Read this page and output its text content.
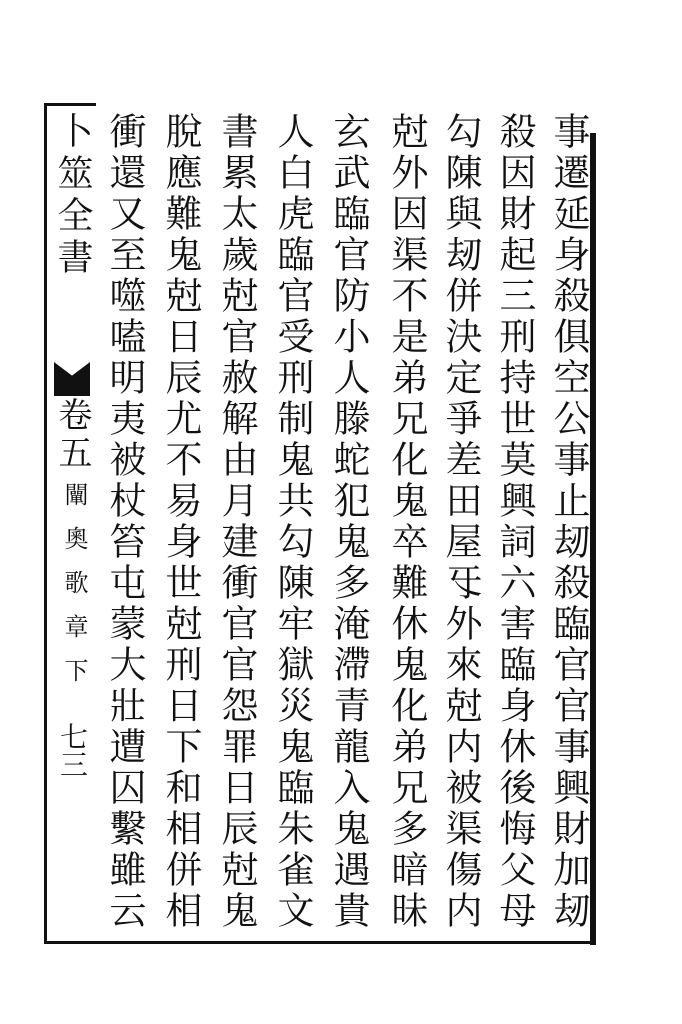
事遷延身殺俱空公事止刼殺臨官官事興財加刼
殺因財起三刑持世莫興詞六害臨身休後悔父母
勾陳與刼併決定爭差田屋㸦外來尅内被渠傷内
尅外因渠不是弟兄化鬼卒難休鬼化弟兄多暗昧
玄武臨官防小人滕蛇犯鬼多淹滯青龍入鬼遇貴
人白虎臨官受刑制鬼共勾陳牢獄災鬼臨朱雀文
書累太歲尅官赦解由月建衝官官怨罪日辰尅鬼
脫應難鬼尅日辰尤不易身世尅刑日下和相併相
衝還又至噬嗑明夷被杖笞屯蒙大壯遭囚繫雖云
卜筮全書
卷五
闡奧歌章下
七三
